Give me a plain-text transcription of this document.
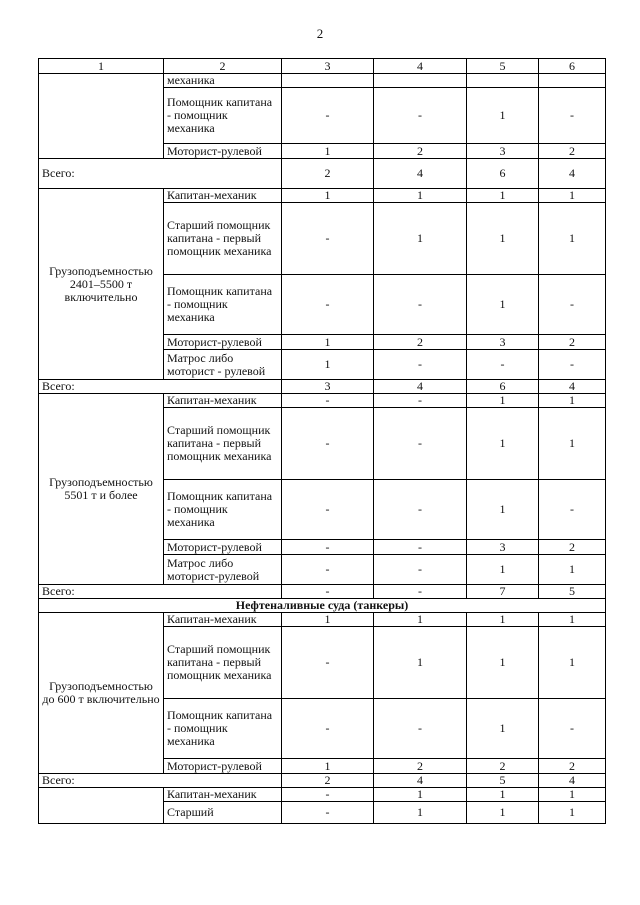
2
1	2	3	4	5	6
	механика				
	Помощник капитана - помощник механика	-	-	1	-
	Моторист-рулевой	1	2	3	2
Всего:		2	4	6	4
Грузоподъемностью 2401–5500 т включительно	Капитан-механик	1	1	1	1
	Старший помощник капитана - первый помощник механика	-	1	1	1
	Помощник капитана - помощник механика	-	-	1	-
	Моторист-рулевой	1	2	3	2
	Матрос либо моторист - рулевой	1	-	-	-
Всего:		3	4	6	4
Грузоподъемностью 5501 т и более	Капитан-механик	-	-	1	1
	Старший помощник капитана - первый помощник механика	-	-	1	1
	Помощник капитана - помощник механика	-	-	1	-
	Моторист-рулевой	-	-	3	2
	Матрос либо моторист-рулевой	-	-	1	1
Всего:		-	-	7	5
Нефтеналивные суда (танкеры)					
Грузоподъемностью до 600 т включительно	Капитан-механик	1	1	1	1
	Старший помощник капитана - первый помощник механика	-	1	1	1
	Помощник капитана - помощник механика	-	-	1	-
	Моторист-рулевой	1	2	2	2
Всего:		2	4	5	4
	Капитан-механик	-	1	1	1
	Старший	-	1	1	1
